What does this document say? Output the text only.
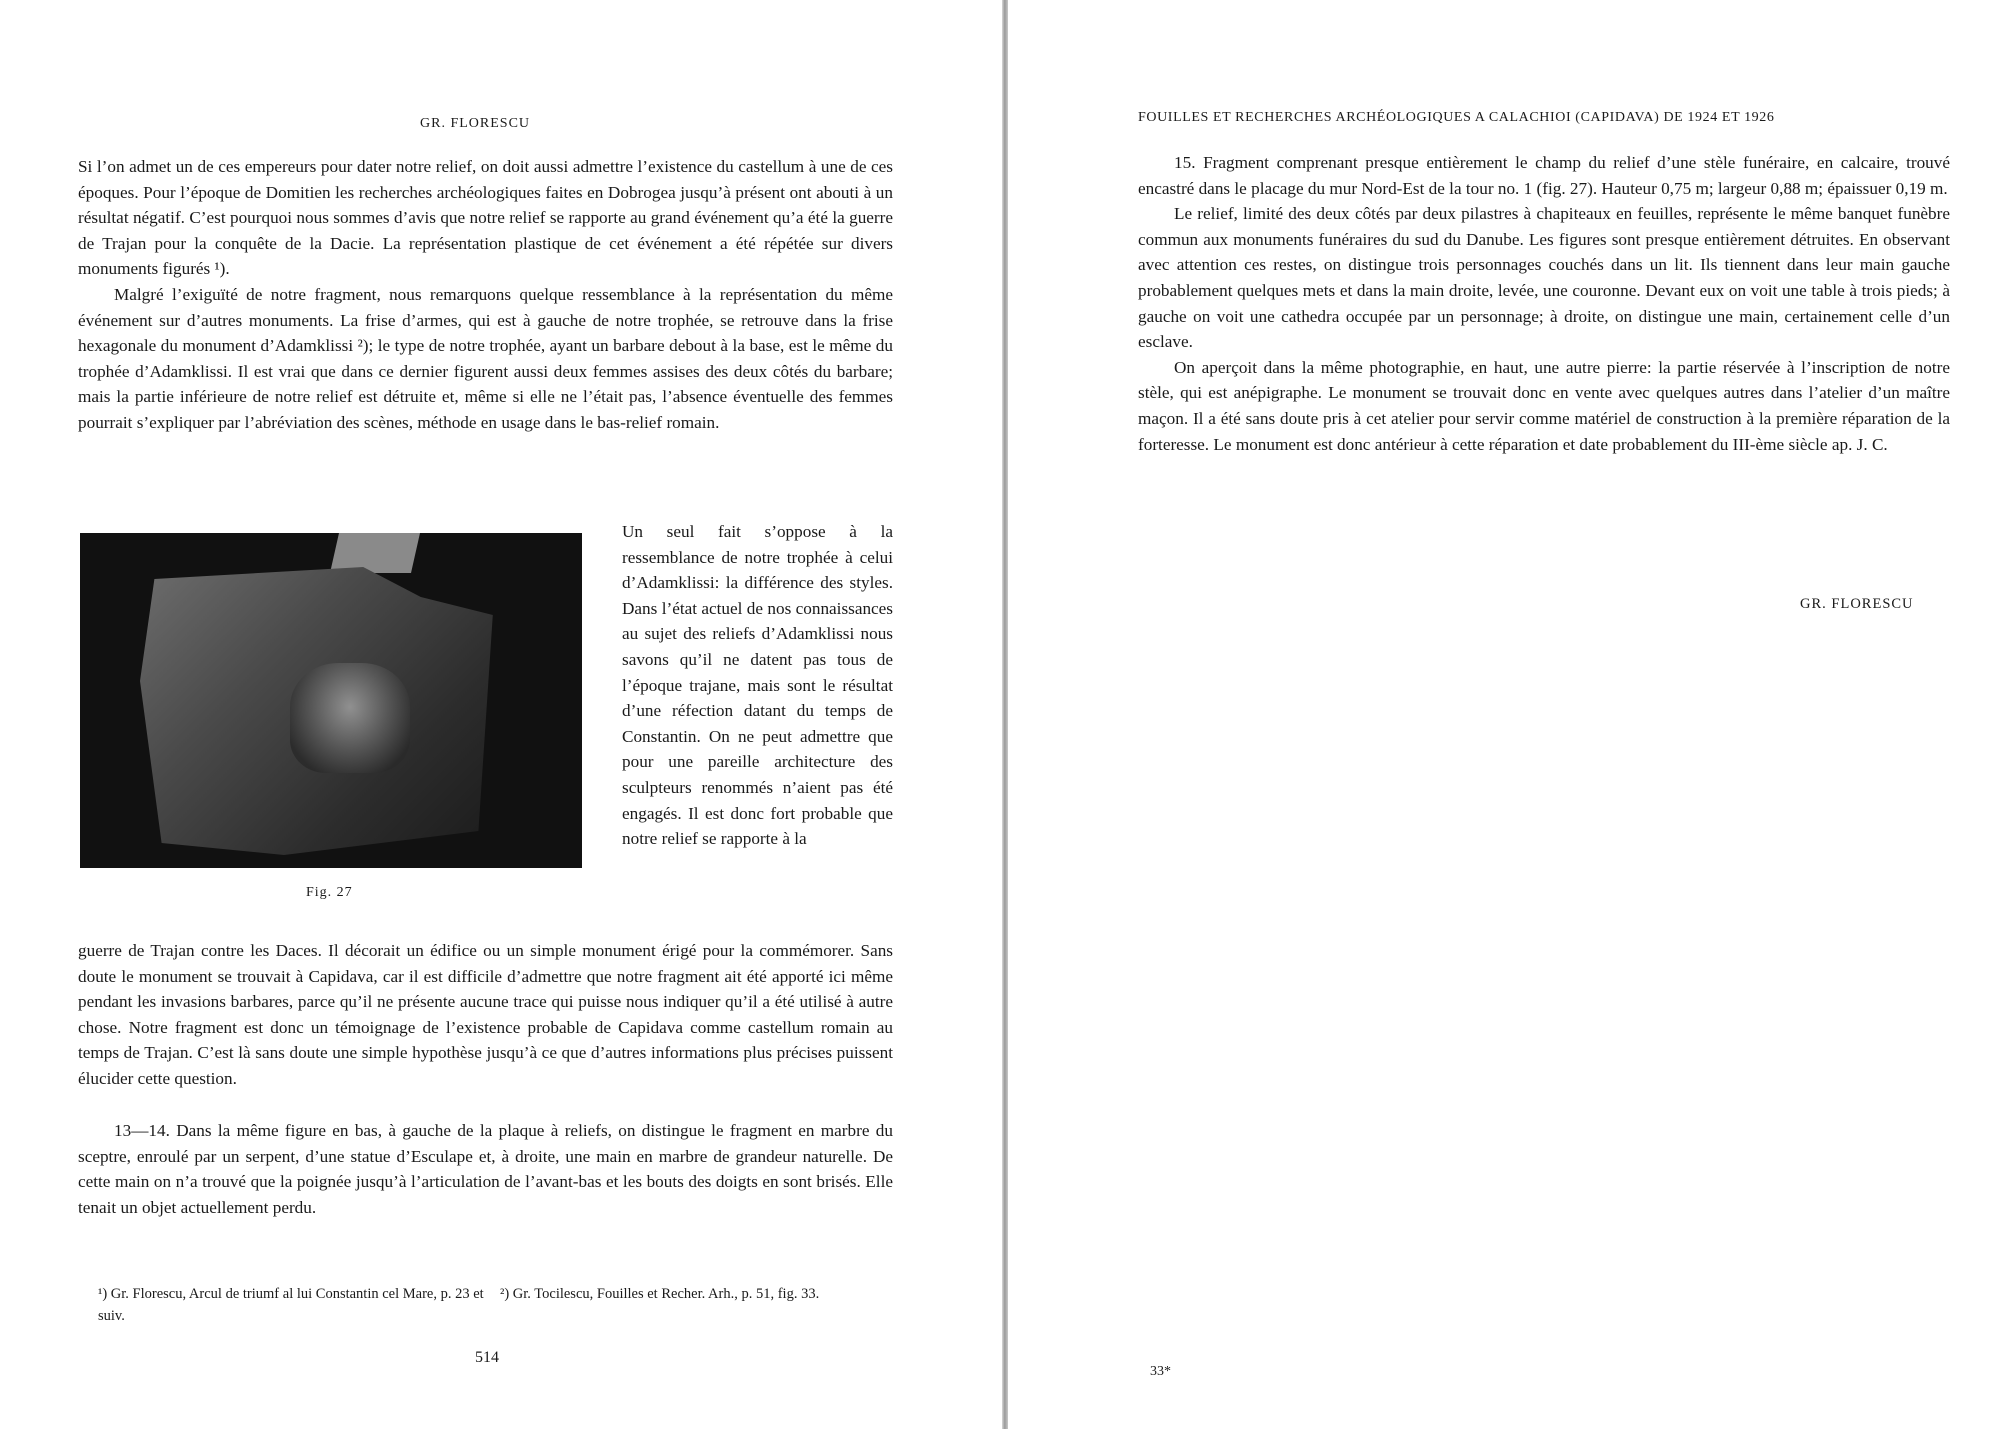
GR. FLORESCU

Si l’on admet un de ces empereurs pour dater notre relief, on doit aussi admettre l’existence du castellum à une de ces époques. Pour l’époque de Domitien les recherches archéologiques faites en Dobrogea jusqu’à présent ont abouti à un résultat négatif. C’est pourquoi nous sommes d’avis que notre relief se rapporte au grand événement qu’a été la guerre de Trajan pour la conquête de la Dacie. La représentation plastique de cet événement a été répétée sur divers monuments figurés ¹).

Malgré l’exiguïté de notre fragment, nous remarquons quelque ressemblance à la représentation du même événement sur d’autres monuments. La frise d’armes, qui est à gauche de notre trophée, se retrouve dans la frise hexagonale du monument d’Adamklissi ²); le type de notre trophée, ayant un barbare debout à la base, est le même du trophée d’Adamklissi. Il est vrai que dans ce dernier figurent aussi deux femmes assises des deux côtés du barbare; mais la partie inférieure de notre relief est détruite et, même si elle ne l’était pas, l’absence éventuelle des femmes pourrait s’expliquer par l’abréviation des scènes, méthode en usage dans le bas-relief romain.

Fig. 27
Un seul fait s’oppose à la ressemblance de notre trophée à celui d’Adamklissi: la différence des styles. Dans l’état actuel de nos connaissances au sujet des reliefs d’Adamklissi nous savons qu’il ne datent pas tous de l’époque trajane, mais sont le résultat d’une réfection datant du temps de Constantin. On ne peut admettre que pour une pareille architecture des sculpteurs renommés n’aient pas été engagés. Il est donc fort probable que notre relief se rapporte à la

guerre de Trajan contre les Daces. Il décorait un édifice ou un simple monument érigé pour la commémorer. Sans doute le monument se trouvait à Capidava, car il est difficile d’admettre que notre fragment ait été apporté ici même pendant les invasions barbares, parce qu’il ne présente aucune trace qui puisse nous indiquer qu’il a été utilisé à autre chose. Notre fragment est donc un témoignage de l’existence probable de Capidava comme castellum romain au temps de Trajan. C’est là sans doute une simple hypothèse jusqu’à ce que d’autres informations plus précises puissent élucider cette question.

13—14. Dans la même figure en bas, à gauche de la plaque à reliefs, on distingue le fragment en marbre du sceptre, enroulé par un serpent, d’une statue d’Esculape et, à droite, une main en marbre de grandeur naturelle. De cette main on n’a trouvé que la poignée jusqu’à l’articulation de l’avant-bas et les bouts des doigts en sont brisés. Elle tenait un objet actuellement perdu.

¹) Gr. Florescu, Arcul de triumf al lui Constantin cel Mare, p. 23 et suiv.
²) Gr. Tocilescu, Fouilles et Recher. Arh., p. 51, fig. 33.
514
FOUILLES ET RECHERCHES ARCHÉOLOGIQUES A CALACHIOI (CAPIDAVA) DE 1924 ET 1926

15. Fragment comprenant presque entièrement le champ du relief d’une stèle funéraire, en calcaire, trouvé encastré dans le placage du mur Nord-Est de la tour no. 1 (fig. 27). Hauteur 0,75 m; largeur 0,88 m; épaissuer 0,19 m.

Le relief, limité des deux côtés par deux pilastres à chapiteaux en feuilles, représente le même banquet funèbre commun aux monuments funéraires du sud du Danube. Les figures sont presque entièrement détruites. En observant avec attention ces restes, on distingue trois personnages couchés dans un lit. Ils tiennent dans leur main gauche probablement quelques mets et dans la main droite, levée, une couronne. Devant eux on voit une table à trois pieds; à gauche on voit une cathedra occupée par un personnage; à droite, on distingue une main, certainement celle d’un esclave.

On aperçoit dans la même photographie, en haut, une autre pierre: la partie réservée à l’inscription de notre stèle, qui est anépigraphe. Le monument se trouvait donc en vente avec quelques autres dans l’atelier d’un maître maçon. Il a été sans doute pris à cet atelier pour servir comme matériel de construction à la première réparation de la forteresse. Le monument est donc antérieur à cette réparation et date probablement du III-ème siècle ap. J. C.

GR. FLORESCU
33*
